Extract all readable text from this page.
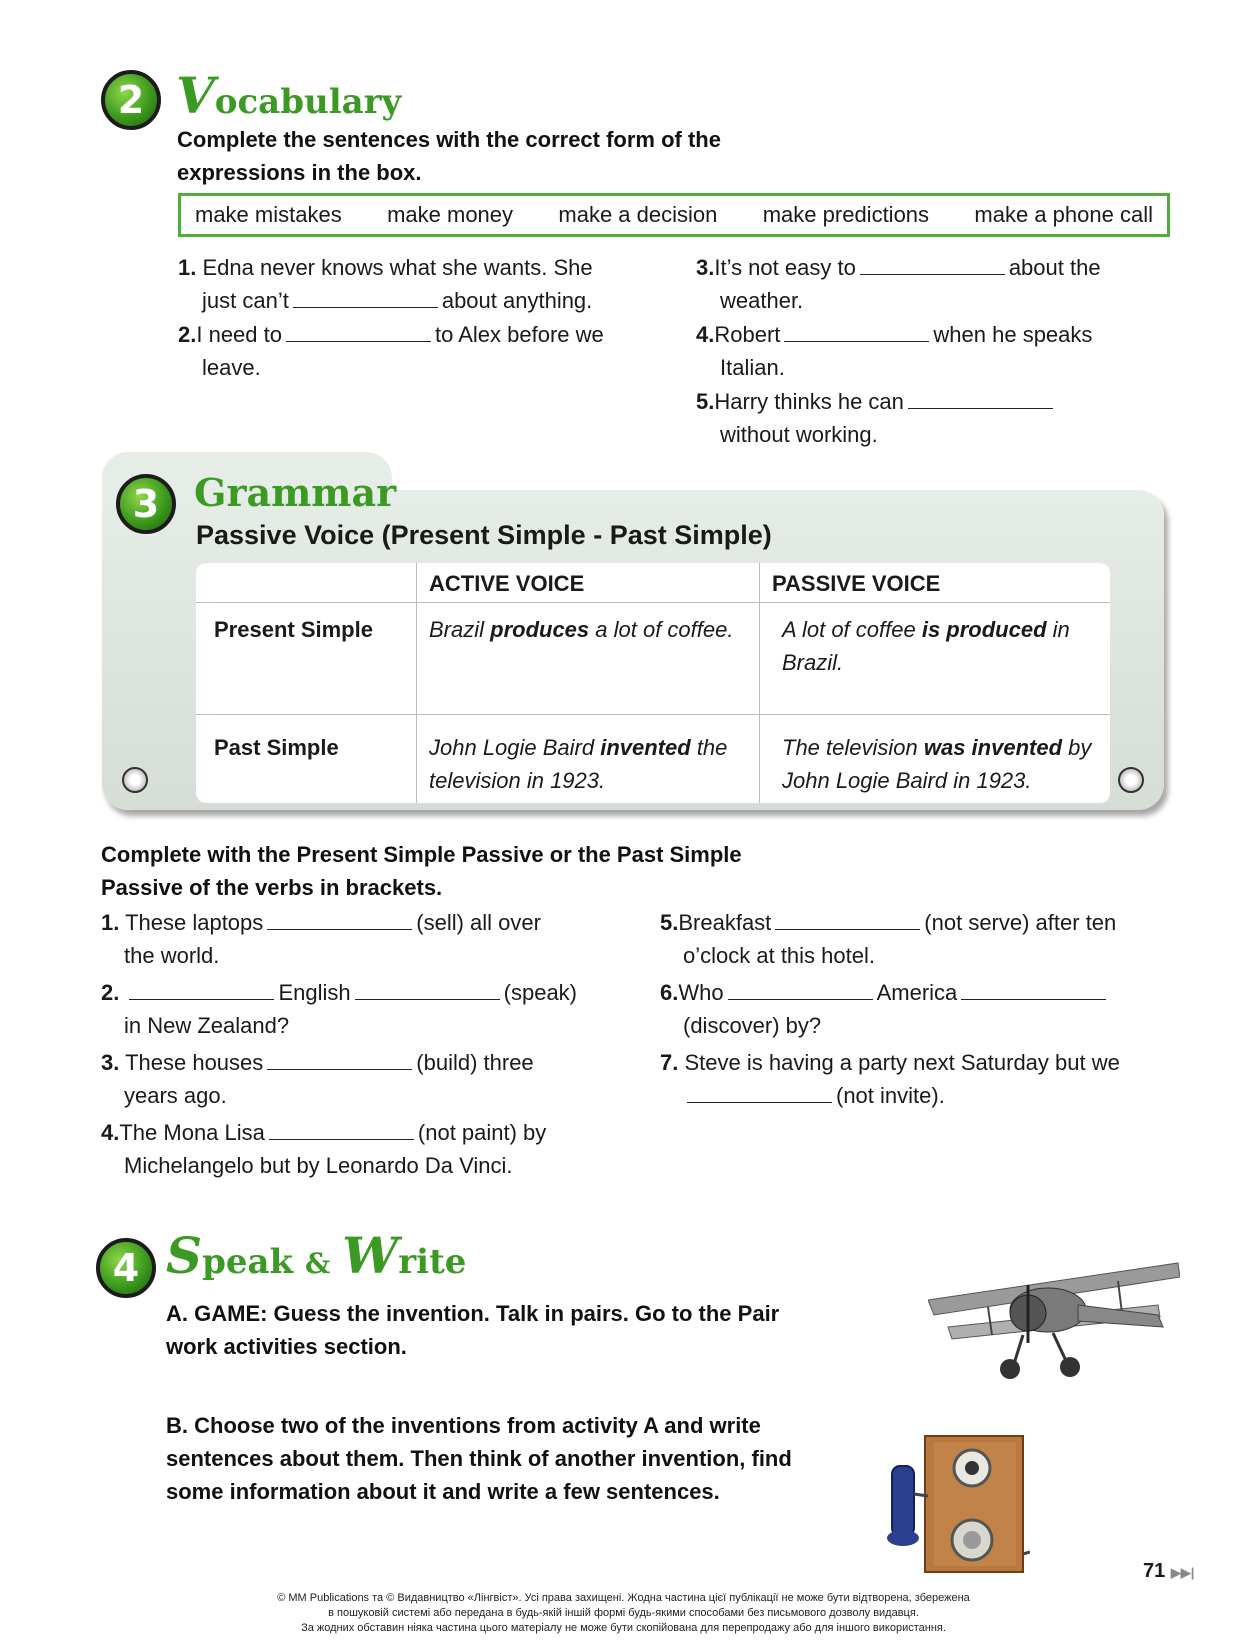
2 Vocabulary
Complete the sentences with the correct form of the
expressions in the box.
make mistakes make money make a decision make predictions make a phone call
1. Edna never knows what she wants. She
just can’t	about anything.
2.I need to	to Alex before we
leave.
3.It’s not easy to	about the
weather.
4.Robert	when he speaks
Italian.
5.Harry thinks he can
without working.
3 Grammar
Passive Voice (Present Simple - Past Simple)
	ACTIVE VOICE	PASSIVE VOICE
Present Simple	Brazil produces a lot of coffee.	A lot of coffee is produced in Brazil.
Past Simple	John Logie Baird invented the television in 1923.	The television was invented by John Logie Baird in 1923.
Complete with the Present Simple Passive or the Past Simple
Passive of the verbs in brackets.
1. These laptops	(sell) all over
the world.
2.	English	(speak)
in New Zealand?
3. These houses	(build) three
years ago.
4.The Mona Lisa	(not paint) by
Michelangelo but by Leonardo Da Vinci.
5.Breakfast	(not serve) after ten
o’clock at this hotel.
6.Who	America
(discover) by?
7. Steve is having a party next Saturday but we
(not invite).
4 Speak & Write
A. GAME: Guess the invention. Talk in pairs. Go to the Pair
work activities section.
B. Choose two of the inventions from activity A and write
sentences about them. Then think of another invention, find
some information about it and write a few sentences.
71 ▶▶|
© MM Publications та © Видавництво «Лінгвіст». Усі права захищені. Жодна частина цієї публікації не може бути відтворена, збережена
в пошуковій системі або передана в будь-якій іншій формі будь-якими способами без письмового дозволу видавця.
За жодних обставин ніяка частина цього матеріалу не може бути скопійована для перепродажу або для іншого використання.
